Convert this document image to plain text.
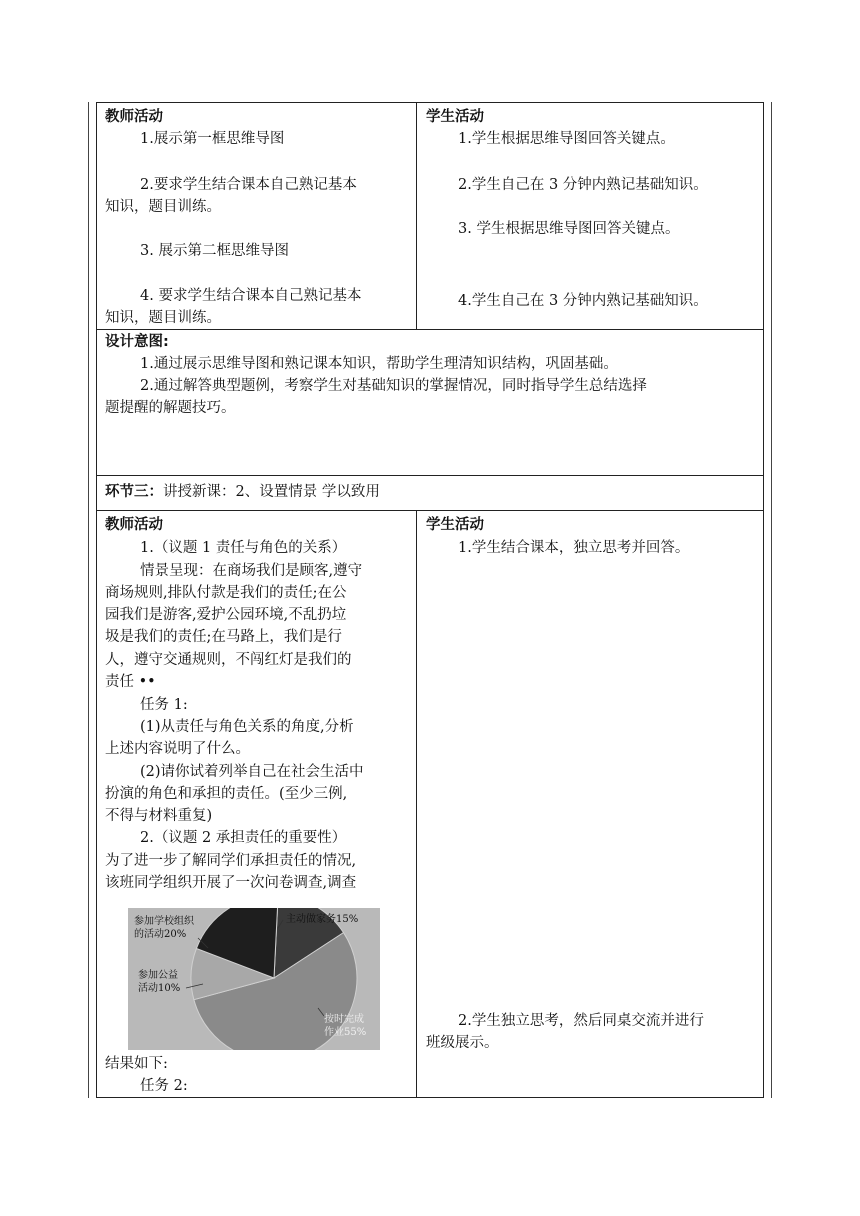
教师活动
1.展示第一框思维导图
2.要求学生结合课本自己熟记基本
知识，题目训练。
3. 展示第二框思维导图
4. 要求学生结合课本自己熟记基本
知识，题目训练。
学生活动
1.学生根据思维导图回答关键点。
2.学生自己在 3 分钟内熟记基础知识。
3. 学生根据思维导图回答关键点。
4.学生自己在 3 分钟内熟记基础知识。
设计意图:
1.通过展示思维导图和熟记课本知识，帮助学生理清知识结构，巩固基础。
2.通过解答典型题例，考察学生对基础知识的掌握情况，同时指导学生总结选择
题提醒的解题技巧。
环节三：讲授新课：2、设置情景 学以致用
教师活动
1.（议题 1 责任与角色的关系）
情景呈现：在商场我们是顾客,遵守
商场规则,排队付款是我们的责任;在公
园我们是游客,爱护公园环境,不乱扔垃
圾是我们的责任;在马路上，我们是行
人，遵守交通规则，不闯红灯是我们的
责任 ••
任务 1:
(1)从责任与角色关系的角度,分析
上述内容说明了什么。
(2)请你试着列举自己在社会生活中
扮演的角色和承担的责任。(至少三例,
不得与材料重复)
2.（议题 2 承担责任的重要性）
为了进一步了解同学们承担责任的情况,
该班同学组织开展了一次问卷调查,调查
主动做家务15%
按时完成作业55%
参加公益活动10%
参加学校组织的活动20%
结果如下:
任务 2:
学生活动
1.学生结合课本，独立思考并回答。
2.学生独立思考，然后同桌交流并进行
班级展示。
